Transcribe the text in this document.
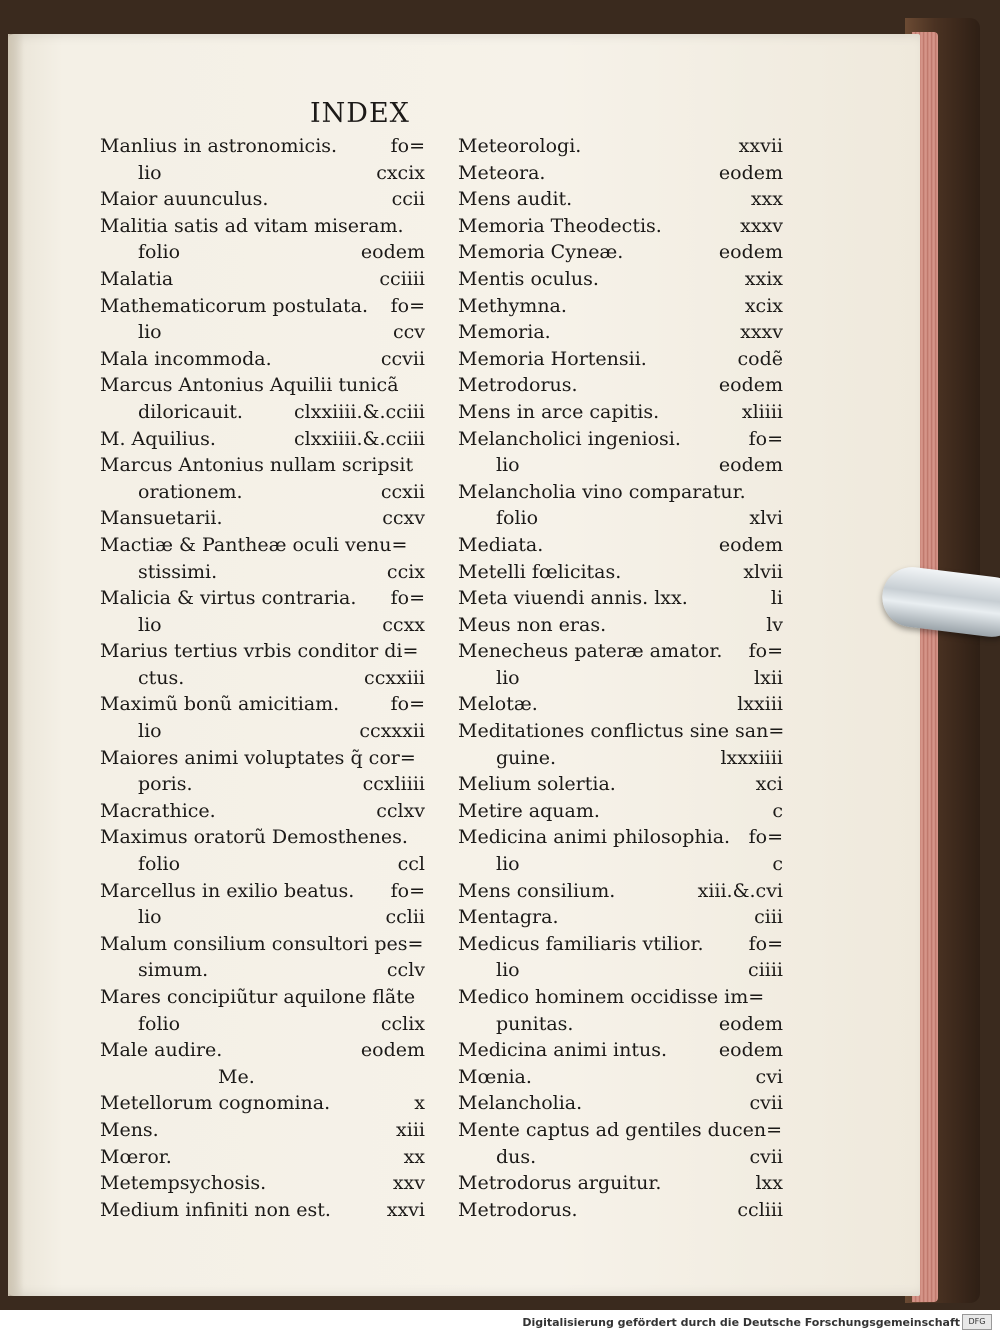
INDEX
Manlius in astronomicis.	fo=
lio	cxcix
Maior auunculus.	ccii
Malitia satis ad vitam miseram.
folio	eodem
Malatia	cciiii
Mathematicorum postulata. fo=
lio	ccv
Mala incommoda.	ccvii
Marcus Antonius Aquilii tunicã
diloricauit.	clxxiiii.&.cciii
M. Aquilius.	clxxiiii.&.cciii
Marcus Antonius nullam scripsit
orationem.	ccxii
Mansuetarii.	ccxv
Mactiæ & Pantheæ oculi venu=
stissimi.	ccix
Malicia & virtus contraria. fo=
lio	ccxx
Marius tertius vrbis conditor di=
ctus.	ccxxiii
Maximũ bonũ amicitiam.	fo=
lio	ccxxxii
Maiores animi voluptates q̃ cor=
poris.	ccxliiii
Macrathice.	cclxv
Maximus oratorũ Demosthenes.
folio	ccl
Marcellus in exilio beatus. fo=
lio	cclii
Malum consilium consultori pes=
simum.	cclv
Mares concipiũtur aquilone flãte
folio	cclix
Male audire.	eodem
Me.
Metellorum cognomina.	x
Mens.	xiii
Mœror.	xx
Metempsychosis.	xxv
Medium infiniti non est.	xxvi
Meteorologi.	xxvii
Meteora.	eodem
Mens audit.	xxx
Memoria Theodectis.	xxxv
Memoria Cyneæ.	eodem
Mentis oculus.	xxix
Methymna.	xcix
Memoria.	xxxv
Memoria Hortensii.	codẽ
Metrodorus.	eodem
Mens in arce capitis.	xliiii
Melancholici ingeniosi.	fo=
lio	eodem
Melancholia vino comparatur.
folio	xlvi
Mediata.	eodem
Metelli fœlicitas.	xlvii
Meta viuendi annis. lxx.	li
Meus non eras.	lv
Menecheus pateræ amator. fo=
lio	lxii
Melotæ.	lxxiii
Meditationes conflictus sine san=
guine.	lxxxiiii
Melium solertia.	xci
Metire aquam.	c
Medicina animi philosophia. fo=
lio	c
Mens consilium.	xiii.&.cvi
Mentagra.	ciii
Medicus familiaris vtilior. fo=
lio	ciiii
Medico hominem occidisse im=
punitas.	eodem
Medicina animi intus.	eodem
Mœnia.	cvi
Melancholia.	cvii
Mente captus ad gentiles ducen=
dus.	cvii
Metrodorus arguitur.	lxx
Metrodorus.	ccliii
Digitalisierung gefördert durch die Deutsche Forschungsgemeinschaft	DFG
